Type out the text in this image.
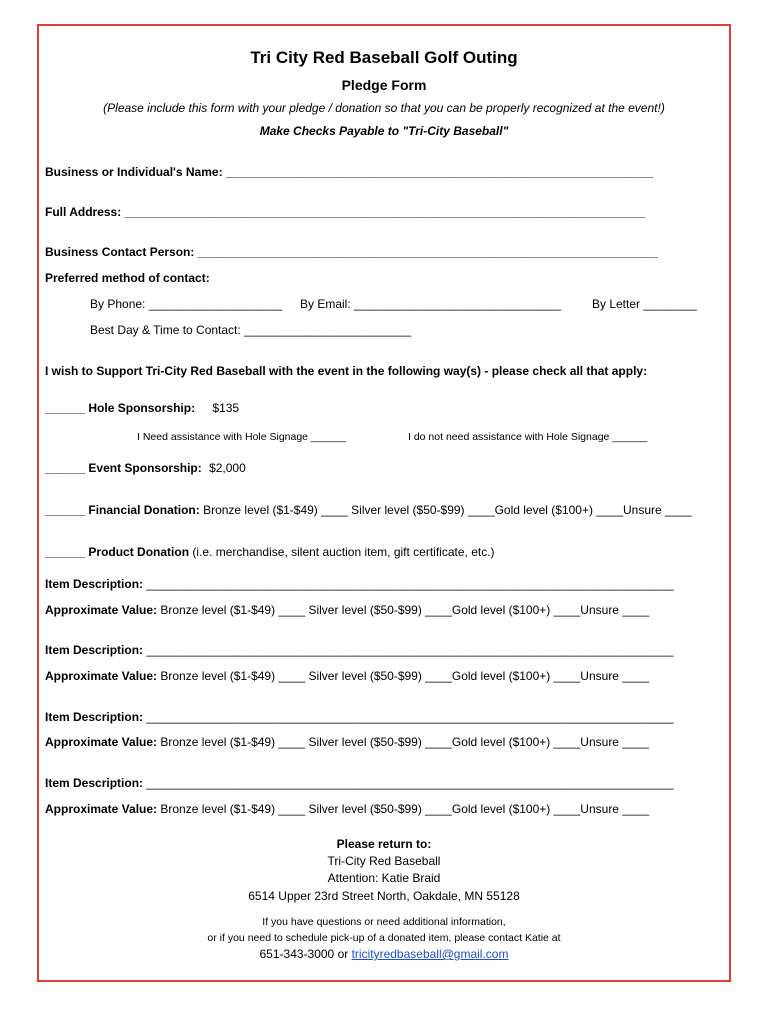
Tri City Red Baseball Golf Outing
Pledge Form
(Please include this form with your pledge / donation so that you can be properly recognized at the event!)
Make Checks Payable to "Tri-City Baseball"
Business or Individual's Name: ________________________________________________________________
Full Address: ______________________________________________________________________________
Business Contact Person: _____________________________________________________________________
Preferred method of contact:
By Phone: ____________________ By Email: _______________________________	By Letter ________
Best Day & Time to Contact: _________________________
I wish to Support Tri-City Red Baseball with the event in the following way(s) - please check all that apply:
______ Hole Sponsorship: $135
I Need assistance with Hole Signage ______	I do not need assistance with Hole Signage ______
______ Event Sponsorship: $2,000
______ Financial Donation: Bronze level ($1-$49) ____ Silver level ($50-$99) ____Gold level ($100+) ____Unsure ____
______ Product Donation (i.e. merchandise, silent auction item, gift certificate, etc.)
Item Description: _______________________________________________________________________________
Approximate Value: Bronze level ($1-$49) ____ Silver level ($50-$99) ____Gold level ($100+) ____Unsure ____
Item Description: _______________________________________________________________________________
Approximate Value: Bronze level ($1-$49) ____ Silver level ($50-$99) ____Gold level ($100+) ____Unsure ____
Item Description: _______________________________________________________________________________
Approximate Value: Bronze level ($1-$49) ____ Silver level ($50-$99) ____Gold level ($100+) ____Unsure ____
Item Description: _______________________________________________________________________________
Approximate Value: Bronze level ($1-$49) ____ Silver level ($50-$99) ____Gold level ($100+) ____Unsure ____
Please return to:
Tri-City Red Baseball
Attention: Katie Braid
6514 Upper 23rd Street North, Oakdale, MN 55128
If you have questions or need additional information,
or if you need to schedule pick-up of a donated item, please contact Katie at
651-343-3000 or tricityredbaseball@gmail.com
